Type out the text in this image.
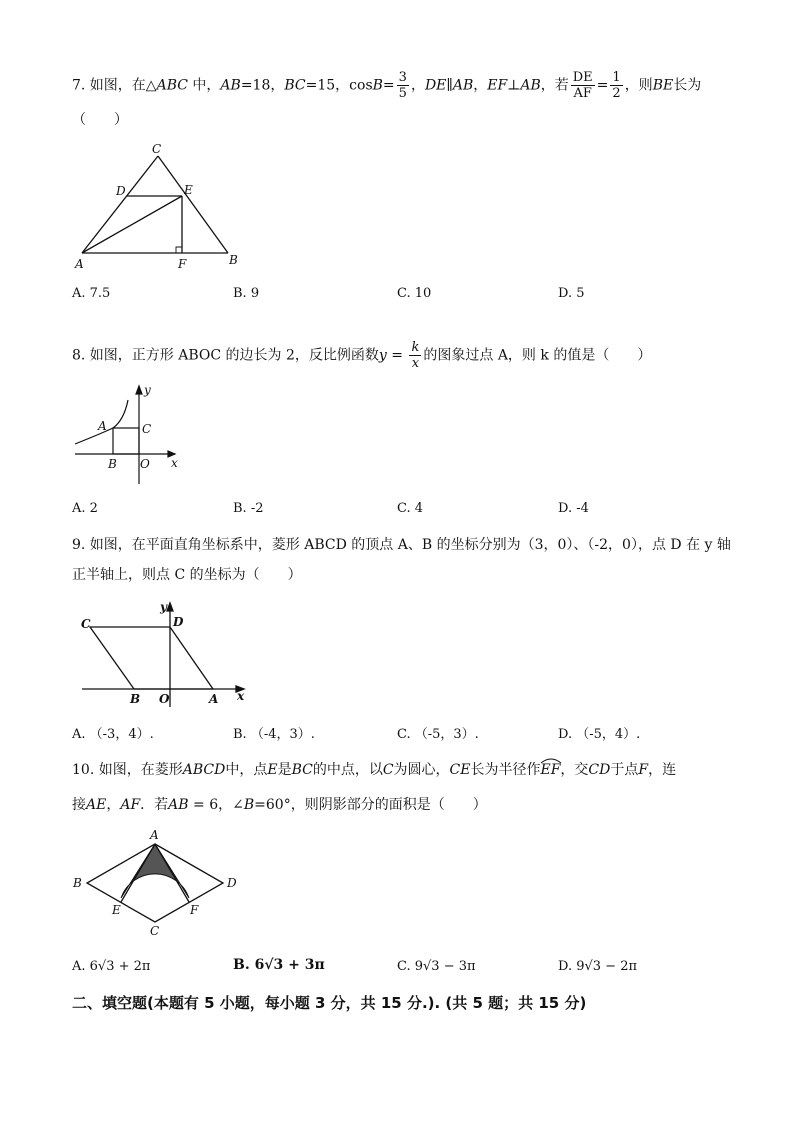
7. 如图，在△ABC 中，AB=18，BC=15，$\cos B= \frac{3}{5}$ ，DE∥AB，EF⊥AB，若 $\frac{DE}{AF} = \frac{1}{2}$ ，则BE长为
（　　）
C
D	E
A	F	B
A. 7.5	B. 9	C. 10	D. 5
8. 如图，正方形 ABOC 的边长为 2，反比例函数$y = \frac{k}{x}$ 的图象过点 A，则 k 的值是（　　）
y
A	C
B O x
A. 2	B. -2	C. 4	D. -4
9. 如图，在平面直角坐标系中，菱形 ABCD 的顶点 A、B 的坐标分别为（3，0）、（-2，0），点 D 在 y 轴
正半轴上，则点 C 的坐标为（　　）
y
C	D
B O	A x
A. （-3，4）.	B. （-4，3）.	C. （-5，3）.	D. （-5，4）.
10. 如图，在菱形ABCD中，点E是BC的中点，以C为圆心，CE长为半径作EF
，交CD于点F，连
接AE，AF．若AB = 6，∠B=60°，则阴影部分的面积是（　　）
A
B	D
E	F
C
A. 6√3 + 2π	B. 6√3 + 3π	C. 9√3 − 3π	D. 9√3 − 2π
二、填空题(本题有 5 小题，每小题 3 分，共 15 分.). (共 5 题；共 15 分)
